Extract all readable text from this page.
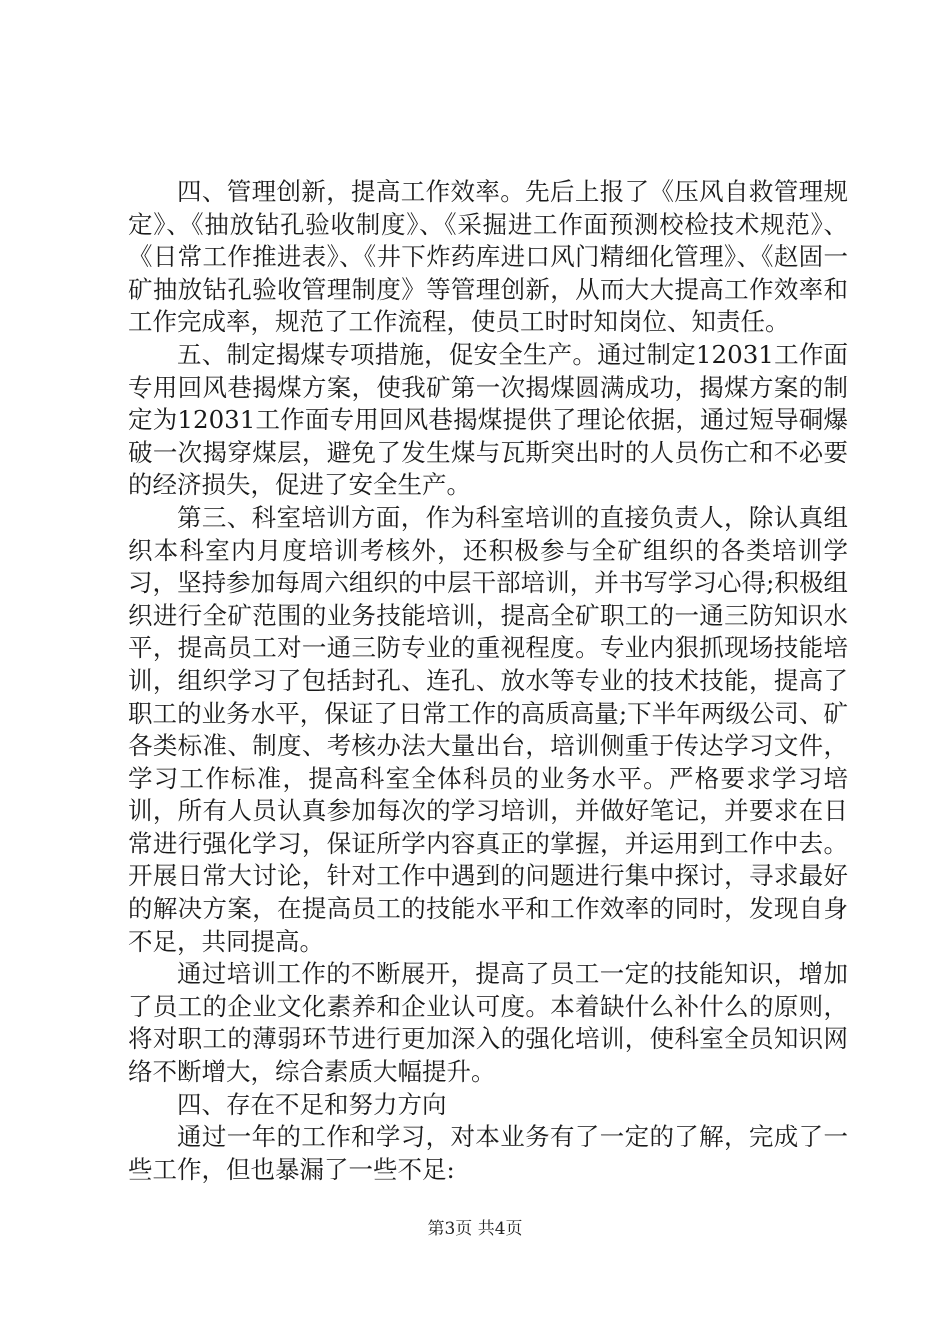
四、管理创新，提高工作效率。先后上报了《压风自救管理规定》、《抽放钻孔验收制度》、《采掘进工作面预测校检技术规范》、《日常工作推进表》、《井下炸药库进口风门精细化管理》、《赵固一矿抽放钻孔验收管理制度》等管理创新，从而大大提高工作效率和工作完成率，规范了工作流程，使员工时时知岗位、知责任。

五、制定揭煤专项措施，促安全生产。通过制定12031工作面专用回风巷揭煤方案，使我矿第一次揭煤圆满成功，揭煤方案的制定为12031工作面专用回风巷揭煤提供了理论依据，通过短导硐爆破一次揭穿煤层，避免了发生煤与瓦斯突出时的人员伤亡和不必要的经济损失，促进了安全生产。

第三、科室培训方面，作为科室培训的直接负责人，除认真组织本科室内月度培训考核外，还积极参与全矿组织的各类培训学习，坚持参加每周六组织的中层干部培训，并书写学习心得;积极组织进行全矿范围的业务技能培训，提高全矿职工的一通三防知识水平，提高员工对一通三防专业的重视程度。专业内狠抓现场技能培训，组织学习了包括封孔、连孔、放水等专业的技术技能，提高了职工的业务水平，保证了日常工作的高质高量;下半年两级公司、矿各类标准、制度、考核办法大量出台，培训侧重于传达学习文件，学习工作标准，提高科室全体科员的业务水平。严格要求学习培训，所有人员认真参加每次的学习培训，并做好笔记，并要求在日常进行强化学习，保证所学内容真正的掌握，并运用到工作中去。开展日常大讨论，针对工作中遇到的问题进行集中探讨，寻求最好的解决方案，在提高员工的技能水平和工作效率的同时，发现自身不足，共同提高。

通过培训工作的不断展开，提高了员工一定的技能知识，增加了员工的企业文化素养和企业认可度。本着缺什么补什么的原则，将对职工的薄弱环节进行更加深入的强化培训，使科室全员知识网络不断增大，综合素质大幅提升。

四、存在不足和努力方向

通过一年的工作和学习，对本业务有了一定的了解，完成了一些工作，但也暴漏了一些不足:

第3页 共4页
